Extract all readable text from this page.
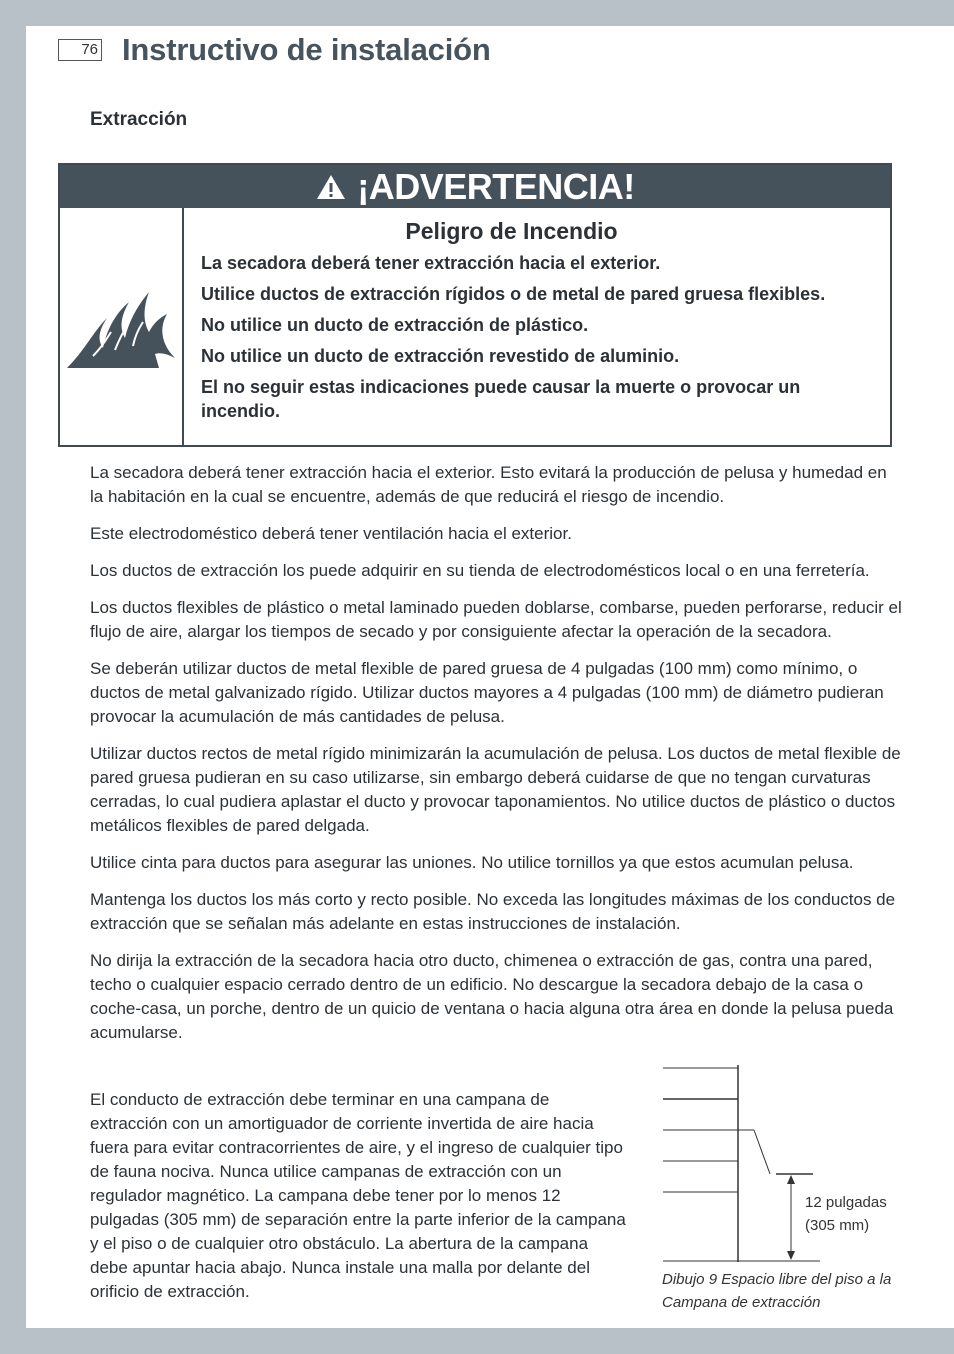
76 Instructivo de instalación
Extracción
¡ADVERTENCIA!
Peligro de Incendio
La secadora deberá tener extracción hacia el exterior.
Utilice ductos de extracción rígidos o de metal de pared gruesa flexibles.
No utilice un ducto de extracción de plástico.
No utilice un ducto de extracción revestido de aluminio.
El no seguir estas indicaciones puede causar la muerte o provocar un incendio.

La secadora deberá tener extracción hacia el exterior. Esto evitará la producción de pelusa y humedad en la habitación en la cual se encuentre, además de que reducirá el riesgo de incendio.

Este electrodoméstico deberá tener ventilación hacia el exterior.

Los ductos de extracción los puede adquirir en su tienda de electrodomésticos local o en una ferretería.

Los ductos flexibles de plástico o metal laminado pueden doblarse, combarse, pueden perforarse, reducir el flujo de aire, alargar los tiempos de secado y por consiguiente afectar la operación de la secadora.

Se deberán utilizar ductos de metal flexible de pared gruesa de 4 pulgadas (100 mm) como mínimo, o ductos de metal galvanizado rígido. Utilizar ductos mayores a 4 pulgadas (100 mm) de diámetro pudieran provocar la acumulación de más cantidades de pelusa.

Utilizar ductos rectos de metal rígido minimizarán la acumulación de pelusa. Los ductos de metal flexible de pared gruesa pudieran en su caso utilizarse, sin embargo deberá cuidarse de que no tengan curvaturas cerradas, lo cual pudiera aplastar el ducto y provocar taponamientos. No utilice ductos de plástico o ductos metálicos flexibles de pared delgada.

Utilice cinta para ductos para asegurar las uniones. No utilice tornillos ya que estos acumulan pelusa.

Mantenga los ductos los más corto y recto posible. No exceda las longitudes máximas de los conductos de extracción que se señalan más adelante en estas instrucciones de instalación.

No dirija la extracción de la secadora hacia otro ducto, chimenea o extracción de gas, contra una pared, techo o cualquier espacio cerrado dentro de un edificio. No descargue la secadora debajo de la casa o coche-casa, un porche, dentro de un quicio de ventana o hacia alguna otra área en donde la pelusa pueda acumularse.

El conducto de extracción debe terminar en una campana de extracción con un amortiguador de corriente invertida de aire hacia fuera para evitar contracorrientes de aire, y el ingreso de cualquier tipo de fauna nociva. Nunca utilice campanas de extracción con un regulador magnético. La campana debe tener por lo menos 12 pulgadas (305 mm) de separación entre la parte inferior de la campana y el piso o de cualquier otro obstáculo. La abertura de la campana debe apuntar hacia abajo. Nunca instale una malla por delante del orificio de extracción.

12 pulgadas
(305 mm)
Dibujo 9 Espacio libre del piso a la Campana de extracción
